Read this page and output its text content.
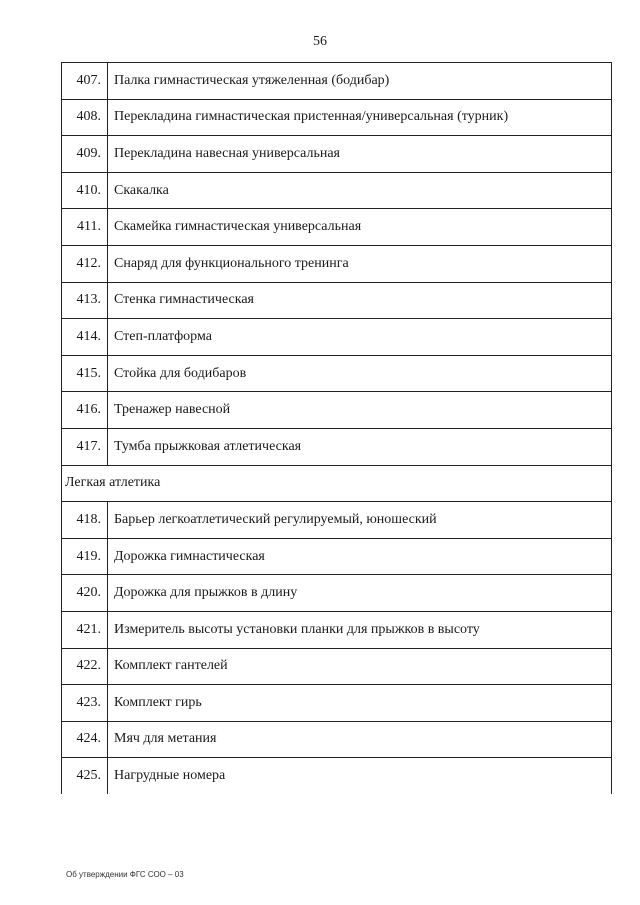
56
407.	Палка гимнастическая утяжеленная (бодибар)
408.	Перекладина гимнастическая пристенная/универсальная (турник)
409.	Перекладина навесная универсальная
410.	Скакалка
411.	Скамейка гимнастическая универсальная
412.	Снаряд для функционального тренинга
413.	Стенка гимнастическая
414.	Степ-платформа
415.	Стойка для бодибаров
416.	Тренажер навесной
417.	Тумба прыжковая атлетическая
Легкая атлетика	
418.	Барьер легкоатлетический регулируемый, юношеский
419.	Дорожка гимнастическая
420.	Дорожка для прыжков в длину
421.	Измеритель высоты установки планки для прыжков в высоту
422.	Комплект гантелей
423.	Комплект гирь
424.	Мяч для метания
425.	Нагрудные номера
Об утверждении ФГС СОО – 03
